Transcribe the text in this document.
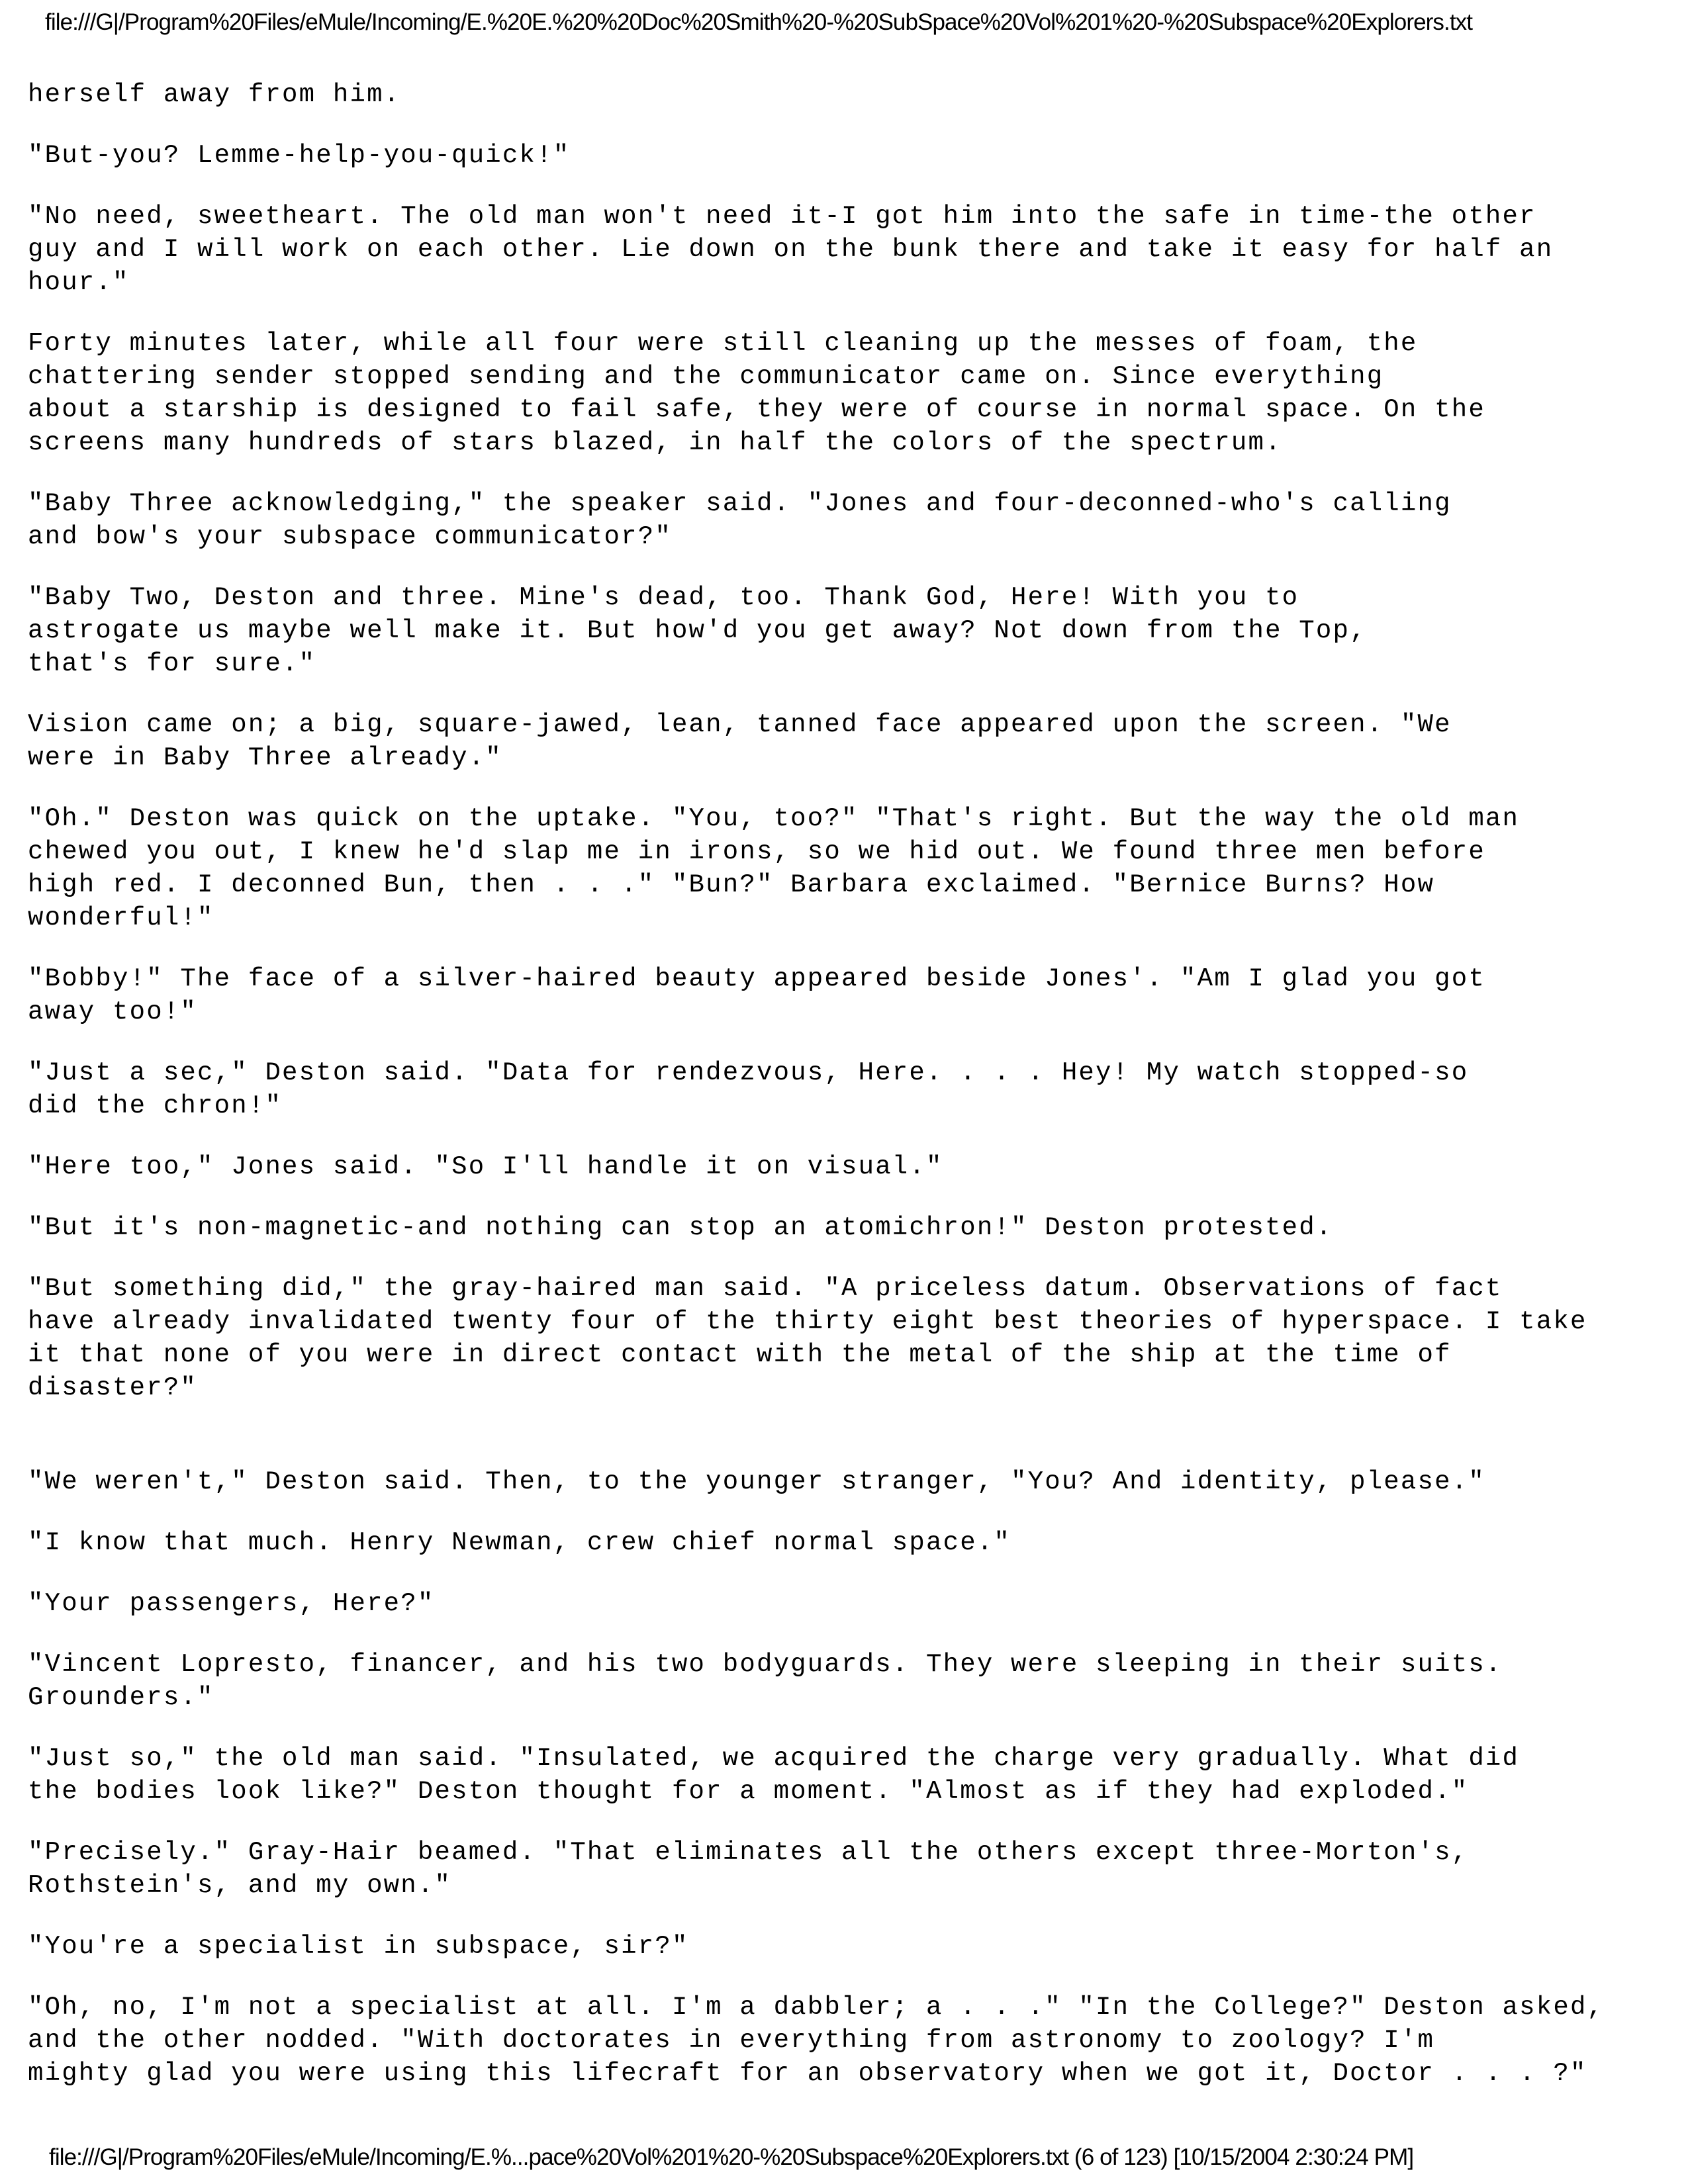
file:///G|/Program%20Files/eMule/Incoming/E.%20E.%20%20Doc%20Smith%20-%20SubSpace%20Vol%201%20-%20Subspace%20Explorers.txt

herself away from him.

"But-you? Lemme-help-you-quick!"

"No need, sweetheart. The old man won't need it-I got him into the safe in time-the other
guy and I will work on each other. Lie down on the bunk there and take it easy for half an
hour."

Forty minutes later, while all four were still cleaning up the messes of foam, the
chattering sender stopped sending and the communicator came on. Since everything
about a starship is designed to fail safe, they were of course in normal space. On the
screens many hundreds of stars blazed, in half the colors of the spectrum.

"Baby Three acknowledging," the speaker said. "Jones and four-deconned-who's calling
and bow's your subspace communicator?"

"Baby Two, Deston and three. Mine's dead, too. Thank God, Here! With you to
astrogate us maybe well make it. But how'd you get away? Not down from the Top,
that's for sure."

Vision came on; a big, square-jawed, lean, tanned face appeared upon the screen. "We
were in Baby Three already."

"Oh." Deston was quick on the uptake. "You, too?" "That's right. But the way the old man
chewed you out, I knew he'd slap me in irons, so we hid out. We found three men before
high red. I deconned Bun, then . . ." "Bun?" Barbara exclaimed. "Bernice Burns? How
wonderful!"

"Bobby!" The face of a silver-haired beauty appeared beside Jones'. "Am I glad you got
away too!"

"Just a sec," Deston said. "Data for rendezvous, Here. . . . Hey! My watch stopped-so
did the chron!"

"Here too," Jones said. "So I'll handle it on visual."

"But it's non-magnetic-and nothing can stop an atomichron!" Deston protested.

"But something did," the gray-haired man said. "A priceless datum. Observations of fact
have already invalidated twenty four of the thirty eight best theories of hyperspace. I take
it that none of you were in direct contact with the metal of the ship at the time of
disaster?"

"We weren't," Deston said. Then, to the younger stranger, "You? And identity, please."

"I know that much. Henry Newman, crew chief normal space."

"Your passengers, Here?"

"Vincent Lopresto, financer, and his two bodyguards. They were sleeping in their suits.
Grounders."

"Just so," the old man said. "Insulated, we acquired the charge very gradually. What did
the bodies look like?" Deston thought for a moment. "Almost as if they had exploded."

"Precisely." Gray-Hair beamed. "That eliminates all the others except three-Morton's,
Rothstein's, and my own."

"You're a specialist in subspace, sir?"

"Oh, no, I'm not a specialist at all. I'm a dabbler; a . . ." "In the College?" Deston asked,
and the other nodded. "With doctorates in everything from astronomy to zoology? I'm
mighty glad you were using this lifecraft for an observatory when we got it, Doctor . . . ?"

file:///G|/Program%20Files/eMule/Incoming/E.%...pace%20Vol%201%20-%20Subspace%20Explorers.txt (6 of 123) [10/15/2004 2:30:24 PM]
